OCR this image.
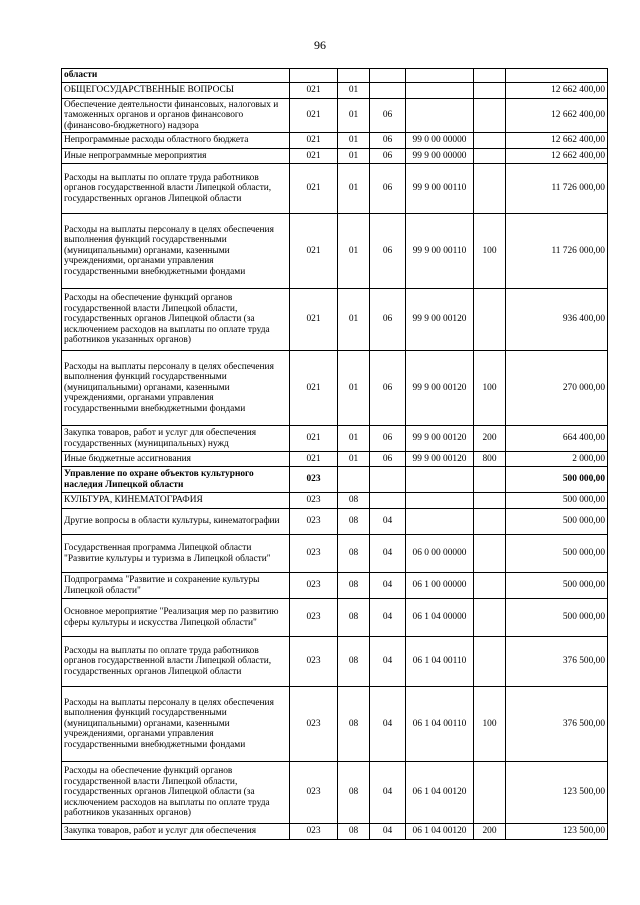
96
области						
ОБЩЕГОСУДАРСТВЕННЫЕ ВОПРОСЫ	021	01				12 662 400,00
Обеспечение деятельности финансовых, налоговых и таможенных органов и органов финансового (финансово-бюджетного) надзора	021	01	06			12 662 400,00
Непрограммные расходы областного бюджета	021	01	06	99 0 00 00000		12 662 400,00
Иные непрограммные мероприятия	021	01	06	99 9 00 00000		12 662 400,00
Расходы на выплаты по оплате труда работников органов государственной власти Липецкой области, государственных органов Липецкой области	021	01	06	99 9 00 00110		11 726 000,00
Расходы на выплаты персоналу в целях обеспечения выполнения функций государственными (муниципальными) органами, казенными учреждениями, органами управления государственными внебюджетными фондами	021	01	06	99 9 00 00110	100	11 726 000,00
Расходы на обеспечение функций органов государственной власти Липецкой области, государственных органов Липецкой области (за исключением расходов на выплаты по оплате труда работников указанных органов)	021	01	06	99 9 00 00120		936 400,00
Расходы на выплаты персоналу в целях обеспечения выполнения функций государственными (муниципальными) органами, казенными учреждениями, органами управления государственными внебюджетными фондами	021	01	06	99 9 00 00120	100	270 000,00
Закупка товаров, работ и услуг для обеспечения государственных (муниципальных) нужд	021	01	06	99 9 00 00120	200	664 400,00
Иные бюджетные ассигнования	021	01	06	99 9 00 00120	800	2 000,00
Управление по охране объектов культурного наследия Липецкой области	023					500 000,00
КУЛЬТУРА, КИНЕМАТОГРАФИЯ	023	08				500 000,00
Другие вопросы в области культуры, кинематографии	023	08	04			500 000,00
Государственная программа Липецкой области "Развитие культуры и туризма в Липецкой области"	023	08	04	06 0 00 00000		500 000,00
Подпрограмма "Развитие и сохранение культуры Липецкой области"	023	08	04	06 1 00 00000		500 000,00
Основное мероприятие "Реализация мер по развитию сферы культуры и искусства Липецкой области"	023	08	04	06 1 04 00000		500 000,00
Расходы на выплаты по оплате труда работников органов государственной власти Липецкой области, государственных органов Липецкой области	023	08	04	06 1 04 00110		376 500,00
Расходы на выплаты персоналу в целях обеспечения выполнения функций государственными (муниципальными) органами, казенными учреждениями, органами управления государственными внебюджетными фондами	023	08	04	06 1 04 00110	100	376 500,00
Расходы на обеспечение функций органов государственной власти Липецкой области, государственных органов Липецкой области (за исключением расходов на выплаты по оплате труда работников указанных органов)	023	08	04	06 1 04 00120		123 500,00
Закупка товаров, работ и услуг для обеспечения	023	08	04	06 1 04 00120	200	123 500,00
